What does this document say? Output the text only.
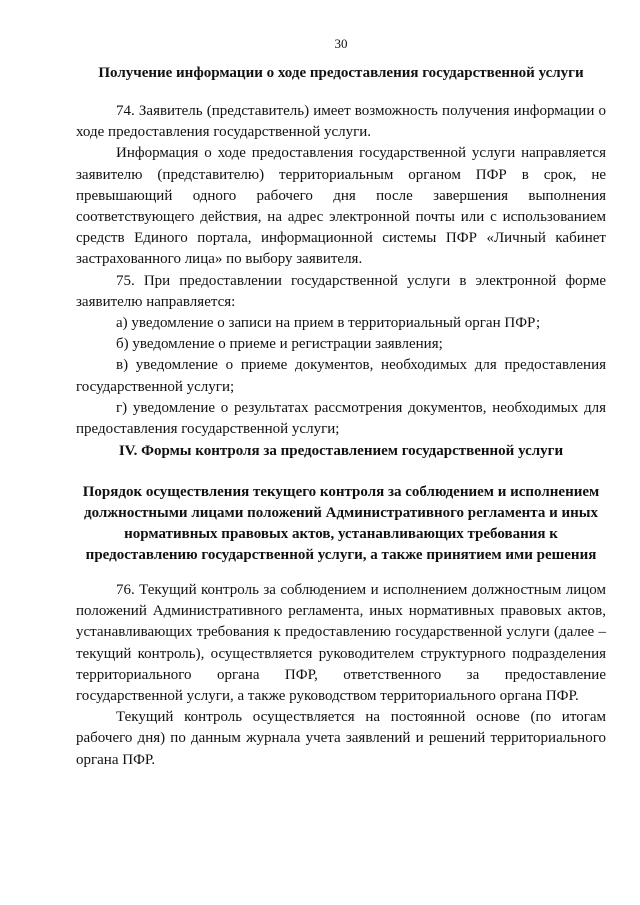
30
Получение информации о ходе предоставления государственной услуги

74. Заявитель (представитель) имеет возможность получения информации о ходе предоставления государственной услуги.

Информация о ходе предоставления государственной услуги направляется заявителю (представителю) территориальным органом ПФР в срок, не превышающий одного рабочего дня после завершения выполнения соответствующего действия, на адрес электронной почты или с использованием средств Единого портала, информационной системы ПФР «Личный кабинет застрахованного лица» по выбору заявителя.

75. При предоставлении государственной услуги в электронной форме заявителю направляется:

а) уведомление о записи на прием в территориальный орган ПФР;

б) уведомление о приеме и регистрации заявления;

в) уведомление о приеме документов, необходимых для предоставления государственной услуги;

г) уведомление о результатах рассмотрения документов, необходимых для предоставления государственной услуги;

IV. Формы контроля за предоставлением государственной услуги
Порядок осуществления текущего контроля за соблюдением и исполнением должностными лицами положений Административного регламента и иных нормативных правовых актов, устанавливающих требования к предоставлению государственной услуги, а также принятием ими решения

76. Текущий контроль за соблюдением и исполнением должностным лицом положений Административного регламента, иных нормативных правовых актов, устанавливающих требования к предоставлению государственной услуги (далее – текущий контроль), осуществляется руководителем структурного подразделения территориального органа ПФР, ответственного за предоставление государственной услуги, а также руководством территориального органа ПФР.

Текущий контроль осуществляется на постоянной основе (по итогам рабочего дня) по данным журнала учета заявлений и решений территориального органа ПФР.
